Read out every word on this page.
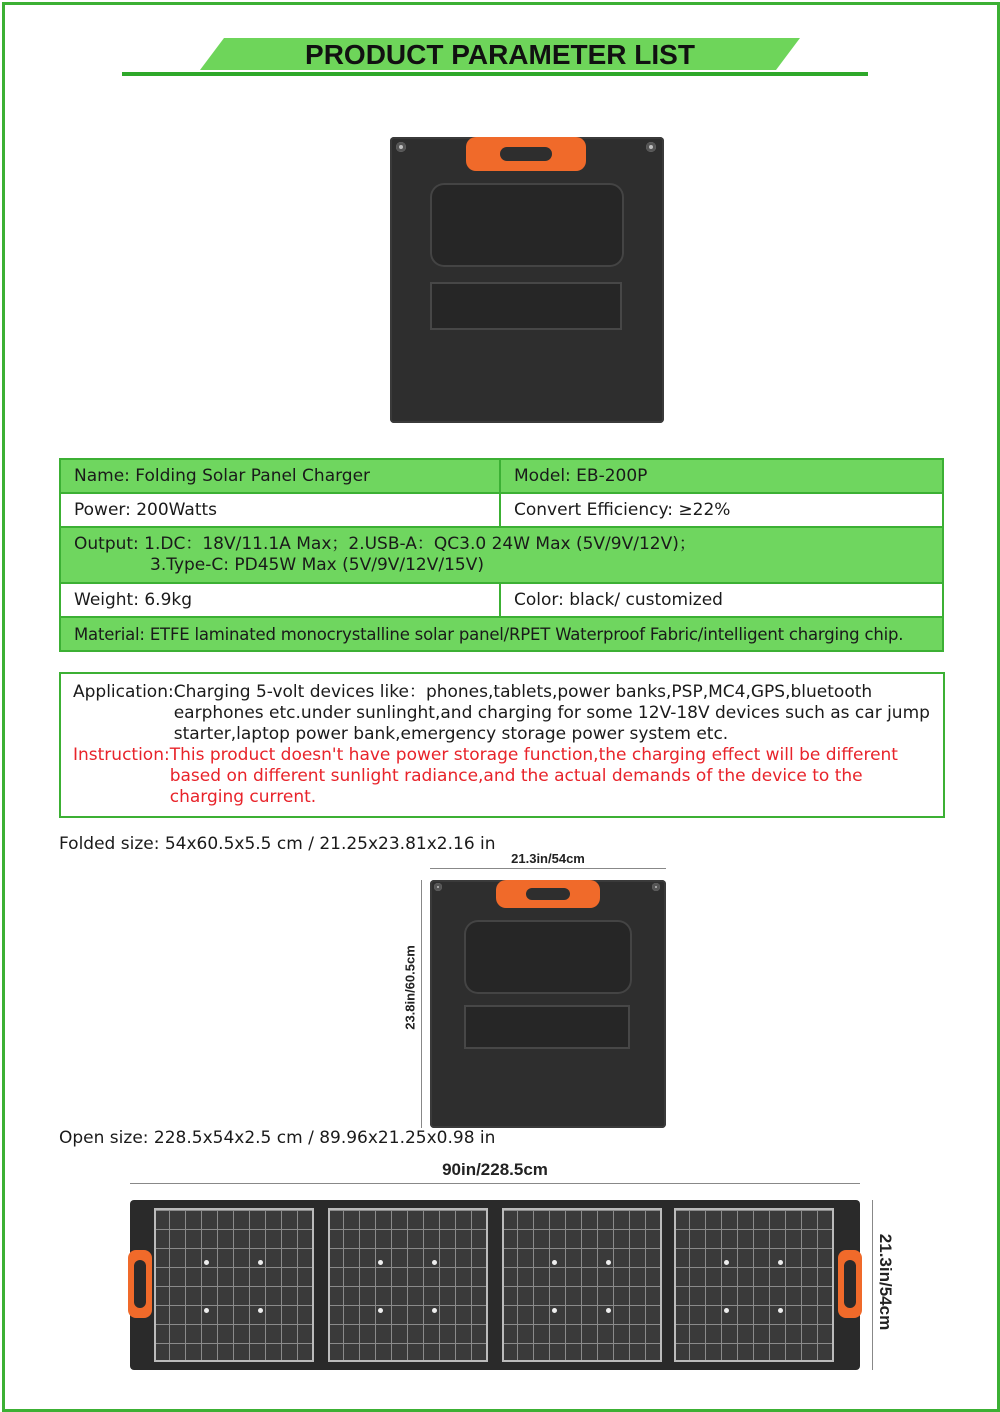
PRODUCT PARAMETER LIST
Name: Folding Solar Panel Charger	Model: EB-200P
Power: 200Watts	Convert Efficiency: ≥22%

Output: 1.DC：18V/11.1A Max；2.USB-A：QC3.0 24W Max (5V/9V/12V)；
3.Type-C: PD45W Max (5V/9V/12V/15V)	

Weight: 6.9kg	Color: black/ customized
Material: ETFE laminated monocrystalline solar panel/RPET Waterproof Fabric/intelligent charging chip.	
Application: Charging 5-volt devices like：phones,tablets,power banks,PSP,MC4,GPS,bluetooth earphones etc.under sunlinght,and charging for some 12V-18V devices such as car jump starter,laptop power bank,emergency storage power system etc.
Instruction: This product doesn't have power storage function,the charging effect will be different based on different sunlight radiance,and the actual demands of the device to the charging current.
Folded size: 54x60.5x5.5 cm / 21.25x23.81x2.16 in
21.3in/54cm
23.8in/60.5cm
Open size: 228.5x54x2.5 cm / 89.96x21.25x0.98 in
90in/228.5cm
21.3in/54cm
